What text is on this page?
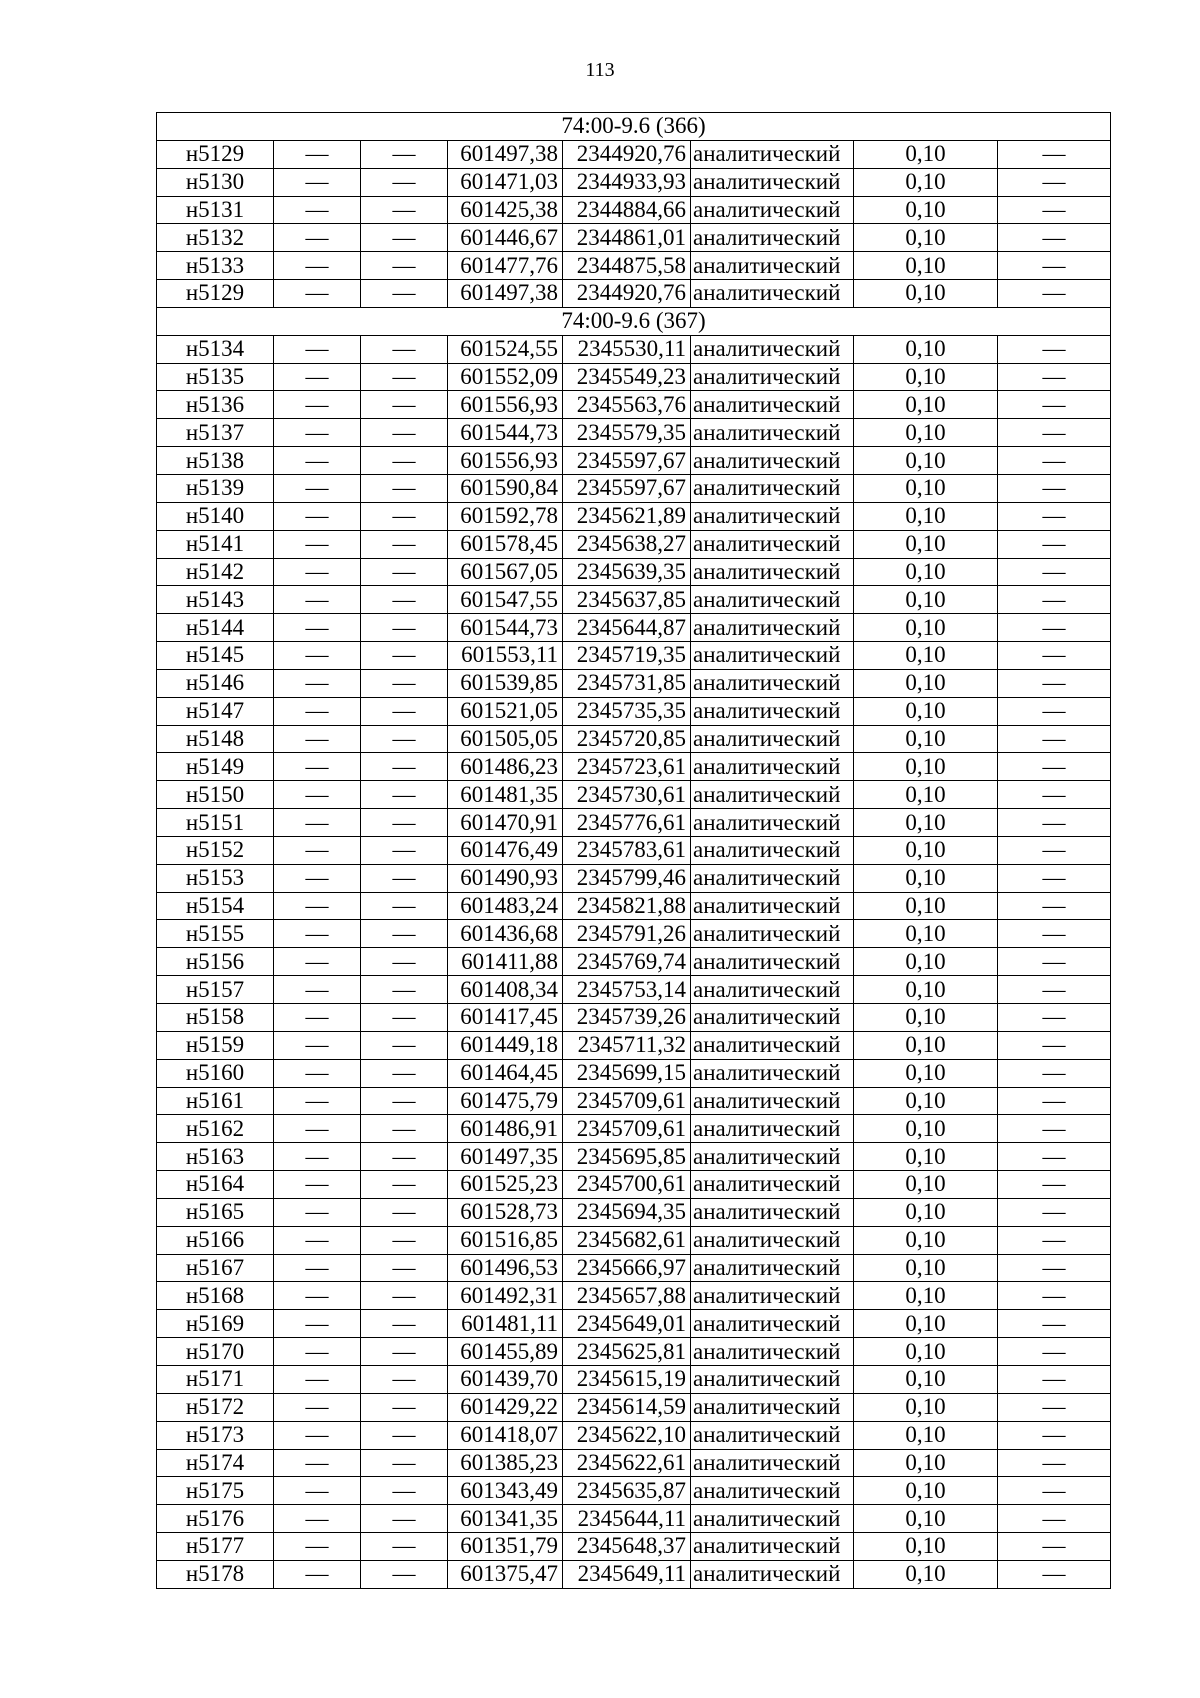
113
74:00-9.6 (366)							
н5129	—	—	601497,38	2344920,76	аналитический	0,10	—
н5130	—	—	601471,03	2344933,93	аналитический	0,10	—
н5131	—	—	601425,38	2344884,66	аналитический	0,10	—
н5132	—	—	601446,67	2344861,01	аналитический	0,10	—
н5133	—	—	601477,76	2344875,58	аналитический	0,10	—
н5129	—	—	601497,38	2344920,76	аналитический	0,10	—
74:00-9.6 (367)							
н5134	—	—	601524,55	2345530,11	аналитический	0,10	—
н5135	—	—	601552,09	2345549,23	аналитический	0,10	—
н5136	—	—	601556,93	2345563,76	аналитический	0,10	—
н5137	—	—	601544,73	2345579,35	аналитический	0,10	—
н5138	—	—	601556,93	2345597,67	аналитический	0,10	—
н5139	—	—	601590,84	2345597,67	аналитический	0,10	—
н5140	—	—	601592,78	2345621,89	аналитический	0,10	—
н5141	—	—	601578,45	2345638,27	аналитический	0,10	—
н5142	—	—	601567,05	2345639,35	аналитический	0,10	—
н5143	—	—	601547,55	2345637,85	аналитический	0,10	—
н5144	—	—	601544,73	2345644,87	аналитический	0,10	—
н5145	—	—	601553,11	2345719,35	аналитический	0,10	—
н5146	—	—	601539,85	2345731,85	аналитический	0,10	—
н5147	—	—	601521,05	2345735,35	аналитический	0,10	—
н5148	—	—	601505,05	2345720,85	аналитический	0,10	—
н5149	—	—	601486,23	2345723,61	аналитический	0,10	—
н5150	—	—	601481,35	2345730,61	аналитический	0,10	—
н5151	—	—	601470,91	2345776,61	аналитический	0,10	—
н5152	—	—	601476,49	2345783,61	аналитический	0,10	—
н5153	—	—	601490,93	2345799,46	аналитический	0,10	—
н5154	—	—	601483,24	2345821,88	аналитический	0,10	—
н5155	—	—	601436,68	2345791,26	аналитический	0,10	—
н5156	—	—	601411,88	2345769,74	аналитический	0,10	—
н5157	—	—	601408,34	2345753,14	аналитический	0,10	—
н5158	—	—	601417,45	2345739,26	аналитический	0,10	—
н5159	—	—	601449,18	2345711,32	аналитический	0,10	—
н5160	—	—	601464,45	2345699,15	аналитический	0,10	—
н5161	—	—	601475,79	2345709,61	аналитический	0,10	—
н5162	—	—	601486,91	2345709,61	аналитический	0,10	—
н5163	—	—	601497,35	2345695,85	аналитический	0,10	—
н5164	—	—	601525,23	2345700,61	аналитический	0,10	—
н5165	—	—	601528,73	2345694,35	аналитический	0,10	—
н5166	—	—	601516,85	2345682,61	аналитический	0,10	—
н5167	—	—	601496,53	2345666,97	аналитический	0,10	—
н5168	—	—	601492,31	2345657,88	аналитический	0,10	—
н5169	—	—	601481,11	2345649,01	аналитический	0,10	—
н5170	—	—	601455,89	2345625,81	аналитический	0,10	—
н5171	—	—	601439,70	2345615,19	аналитический	0,10	—
н5172	—	—	601429,22	2345614,59	аналитический	0,10	—
н5173	—	—	601418,07	2345622,10	аналитический	0,10	—
н5174	—	—	601385,23	2345622,61	аналитический	0,10	—
н5175	—	—	601343,49	2345635,87	аналитический	0,10	—
н5176	—	—	601341,35	2345644,11	аналитический	0,10	—
н5177	—	—	601351,79	2345648,37	аналитический	0,10	—
н5178	—	—	601375,47	2345649,11	аналитический	0,10	—
